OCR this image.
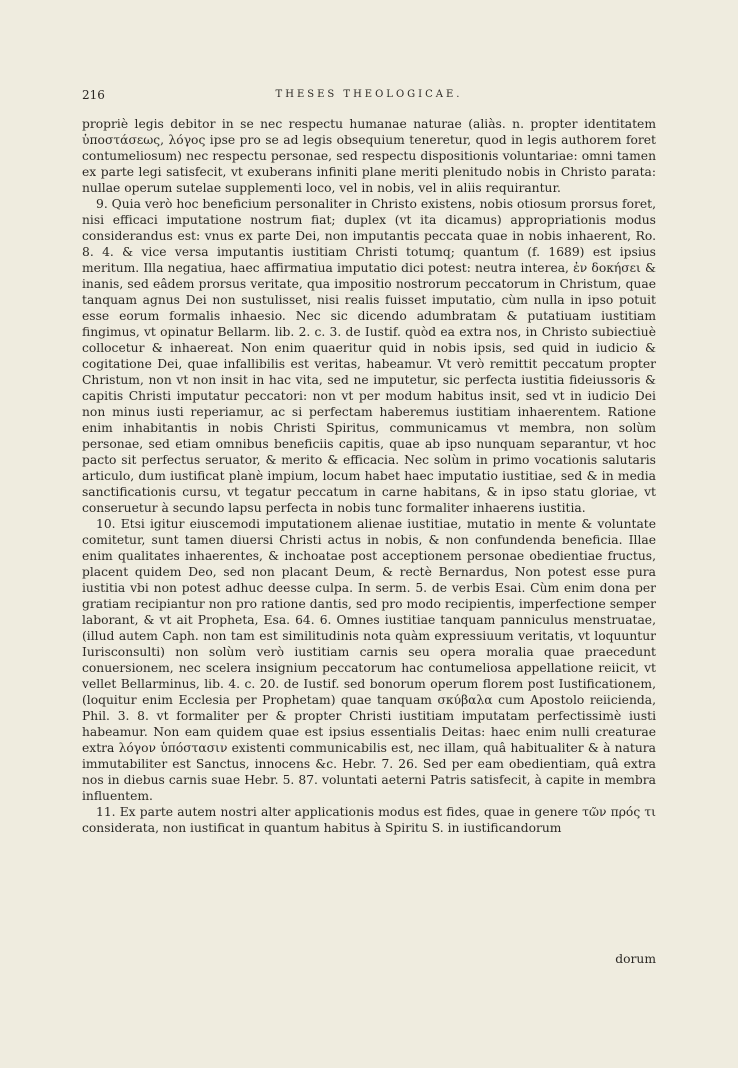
216	THESES THEOLOGICAE.

propriè legis debitor in se nec respectu humanae naturae (aliàs. n. propter identitatem ὑποστάσεως, λόγος ipse pro se ad legis obsequium teneretur, quod in legis authorem foret contumeliosum) nec respectu personae, sed respectu dispositionis voluntariae: omni tamen ex parte legi satisfecit, vt exuberans infiniti plane meriti plenitudo nobis in Christo parata: nullae operum sutelae supplementi loco, vel in nobis, vel in aliis requirantur.

9. Quia verò hoc beneficium personaliter in Christo existens, nobis otiosum prorsus foret, nisi efficaci imputatione nostrum fiat; duplex (vt ita dicamus) appropriationis modus considerandus est: vnus ex parte Dei, non imputantis peccata quae in nobis inhaerent, Ro. 8. 4. & vice versa imputantis iustitiam Christi totumq; quantum (f. 1689) est ipsius meritum. Illa negatiua, haec affirmatiua imputatio dici potest: neutra interea, ἐν δοκήσει & inanis, sed eâdem prorsus veritate, qua impositio nostrorum peccatorum in Christum, quae tanquam agnus Dei non sustulisset, nisi realis fuisset imputatio, cùm nulla in ipso potuit esse eorum formalis inhaesio. Nec sic dicendo adumbratam & putatiuam iustitiam fingimus, vt opinatur Bellarm. lib. 2. c. 3. de Iustif. quòd ea extra nos, in Christo subiectiuè collocetur & inhaereat. Non enim quaeritur quid in nobis ipsis, sed quid in iudicio & cogitatione Dei, quae infallibilis est veritas, habeamur. Vt verò remittit peccatum propter Christum, non vt non insit in hac vita, sed ne imputetur, sic perfecta iustitia fideiussoris & capitis Christi imputatur peccatori: non vt per modum habitus insit, sed vt in iudicio Dei non minus iusti reperiamur, ac si perfectam haberemus iustitiam inhaerentem. Ratione enim inhabitantis in nobis Christi Spiritus, communicamus vt membra, non solùm personae, sed etiam omnibus beneficiis capitis, quae ab ipso nunquam separantur, vt hoc pacto sit perfectus seruator, & merito & efficacia. Nec solùm in primo vocationis salutaris articulo, dum iustificat planè impium, locum habet haec imputatio iustitiae, sed & in media sanctificationis cursu, vt tegatur peccatum in carne habitans, & in ipso statu gloriae, vt conseruetur à secundo lapsu perfecta in nobis tunc formaliter inhaerens iustitia.

10. Etsi igitur eiuscemodi imputationem alienae iustitiae, mutatio in mente & voluntate comitetur, sunt tamen diuersi Christi actus in nobis, & non confundenda beneficia. Illae enim qualitates inhaerentes, & inchoatae post acceptionem personae obedientiae fructus, placent quidem Deo, sed non placant Deum, & rectè Bernardus, Non potest esse pura iustitia vbi non potest adhuc deesse culpa. In serm. 5. de verbis Esai. Cùm enim dona per gratiam recipiantur non pro ratione dantis, sed pro modo recipientis, imperfectione semper laborant, & vt ait Propheta, Esa. 64. 6. Omnes iustitiae tanquam panniculus menstruatae, (illud autem Caph. non tam est similitudinis nota quàm expressiuum veritatis, vt loquuntur Iurisconsulti) non solùm verò iustitiam carnis seu opera moralia quae praecedunt conuersionem, nec scelera insignium peccatorum hac contumeliosa appellatione reiicit, vt vellet Bellarminus, lib. 4. c. 20. de Iustif. sed bonorum operum florem post Iustificationem, (loquitur enim Ecclesia per Prophetam) quae tanquam σκύβαλα cum Apostolo reiicienda, Phil. 3. 8. vt formaliter per & propter Christi iustitiam imputatam perfectissimè iusti habeamur. Non eam quidem quae est ipsius essentialis Deitas: haec enim nulli creaturae extra λόγον ὑπόστασιν existenti communicabilis est, nec illam, quâ habitualiter & à natura immutabiliter est Sanctus, innocens &c. Hebr. 7. 26. Sed per eam obedientiam, quâ extra nos in diebus carnis suae Hebr. 5. 87. voluntati aeterni Patris satisfecit, à capite in membra influentem.

11. Ex parte autem nostri alter applicationis modus est fides, quae in genere τῶν πρός τι considerata, non iustificat in quantum habitus à Spiritu S. in iustificandorum

dorum
